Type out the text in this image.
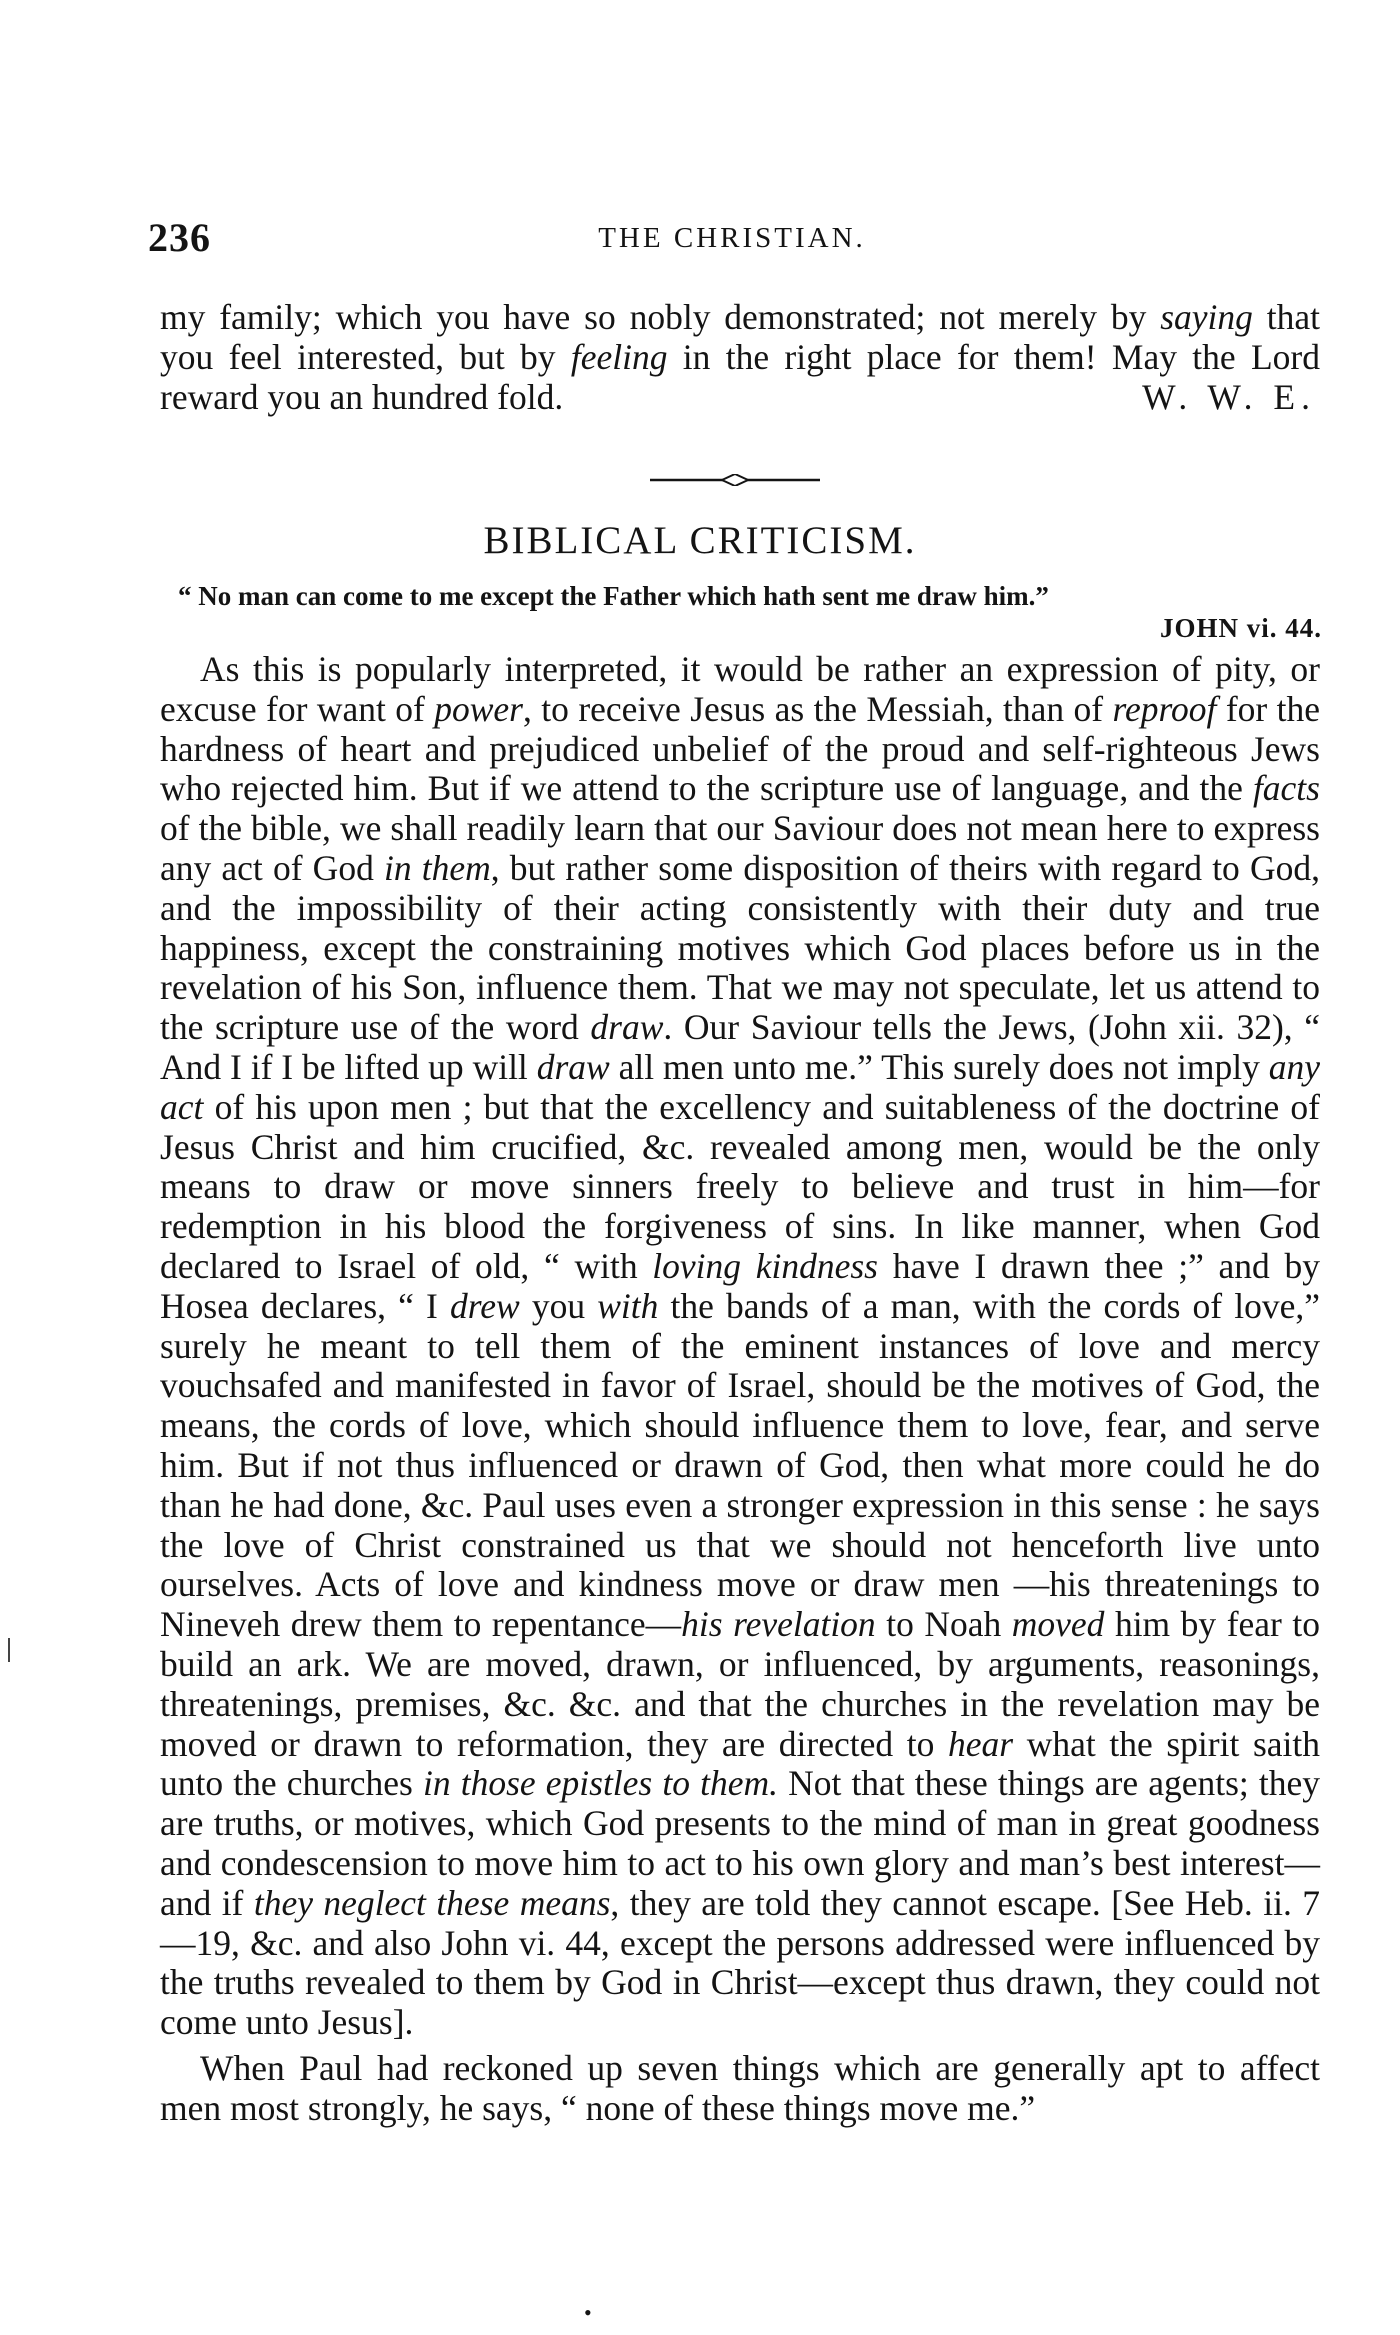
236	THE CHRISTIAN.

my family; which you have so nobly demonstrated; not merely by saying that you feel interested, but by feeling in the right place for them! May the Lord reward you an hundred fold.	W. W. E.

BIBLICAL CRITICISM.
“ No man can come to me except the Father which hath sent me draw him.”
JOHN vi. 44.

As this is popularly interpreted, it would be rather an expression of pity, or excuse for want of power, to receive Jesus as the Messiah, than of reproof for the hardness of heart and prejudiced unbelief of the proud and self-righteous Jews who rejected him. But if we attend to the scripture use of language, and the facts of the bible, we shall readily learn that our Saviour does not mean here to express any act of God in them, but rather some disposition of theirs with regard to God, and the impossibility of their acting consistently with their duty and true happiness, except the constraining motives which God places before us in the revelation of his Son, influence them. That we may not speculate, let us attend to the scripture use of the word draw. Our Saviour tells the Jews, (John xii. 32), “ And I if I be lifted up will draw all men unto me.” This surely does not imply any act of his upon men ; but that the excellency and suitableness of the doctrine of Jesus Christ and him crucified, &c. revealed among men, would be the only means to draw or move sinners freely to believe and trust in him—for redemption in his blood the forgiveness of sins. In like manner, when God declared to Israel of old, “ with loving kindness have I drawn thee ;” and by Hosea declares, “ I drew you with the bands of a man, with the cords of love,” surely he meant to tell them of the eminent instances of love and mercy vouchsafed and manifested in favor of Israel, should be the motives of God, the means, the cords of love, which should influence them to love, fear, and serve him. But if not thus influenced or drawn of God, then what more could he do than he had done, &c. Paul uses even a stronger expression in this sense : he says the love of Christ constrained us that we should not henceforth live unto ourselves. Acts of love and kindness move or draw men —his threatenings to Nineveh drew them to repentance—his revelation to Noah moved him by fear to build an ark. We are moved, drawn, or influenced, by arguments, reasonings, threatenings, premises, &c. &c. and that the churches in the revelation may be moved or drawn to reformation, they are directed to hear what the spirit saith unto the churches in those epistles to them. Not that these things are agents; they are truths, or motives, which God presents to the mind of man in great goodness and condescension to move him to act to his own glory and man’s best interest—and if they neglect these means, they are told they cannot escape. [See Heb. ii. 7—19, &c. and also John vi. 44, except the persons addressed were influenced by the truths revealed to them by God in Christ—except thus drawn, they could not come unto Jesus].

When Paul had reckoned up seven things which are generally apt to affect men most strongly, he says, “ none of these things move me.”

•
